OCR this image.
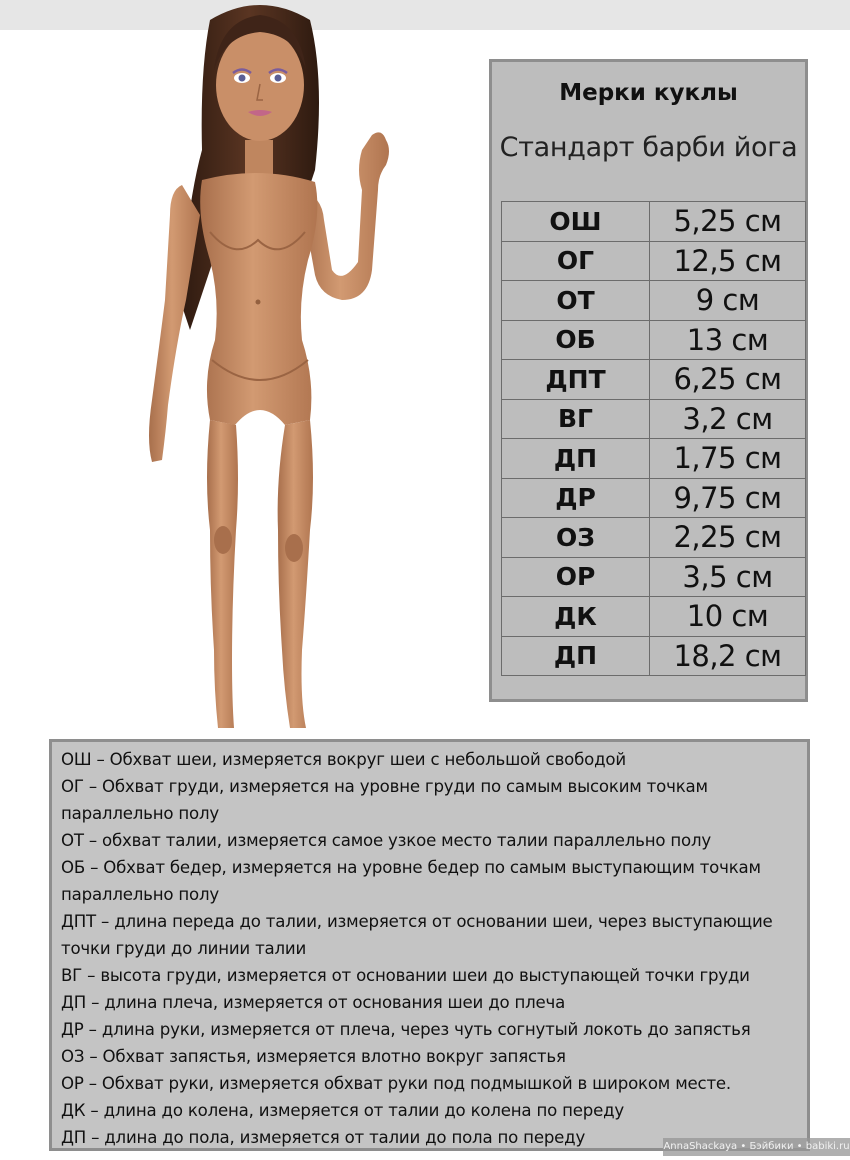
Мерки куклы
Стандарт барби йога
ОШ	5,25 см
ОГ	12,5 см
ОТ	9 см
ОБ	13 см
ДПТ	6,25 см
ВГ	3,2 см
ДП	1,75 см
ДР	9,75 см
ОЗ	2,25 см
ОР	3,5 см
ДК	10 см
ДП	18,2 см

ОШ – Обхват шеи, измеряется вокруг шеи с небольшой свободой

ОГ – Обхват груди, измеряется на уровне груди по самым высоким точкам параллельно полу

ОТ – обхват талии, измеряется самое узкое место талии параллельно полу

ОБ – Обхват бедер, измеряется на уровне бедер по самым выступающим точкам параллельно полу

ДПТ – длина переда до талии, измеряется от основании шеи, через выступающие точки груди до линии талии

ВГ – высота груди, измеряется от основании шеи до выступающей точки груди

ДП – длина плеча, измеряется от основания шеи до плеча

ДР – длина руки, измеряется от плеча, через чуть согнутый локоть до запястья

ОЗ – Обхват запястья, измеряется влотно вокруг запястья

ОР – Обхват руки, измеряется обхват руки под подмышкой в широком месте.

ДК – длина до колена, измеряется от талии до колена по переду

ДП – длина до пола, измеряется от талии до пола по переду	AnnaShackaya • Бэйбики • babiki.ru
